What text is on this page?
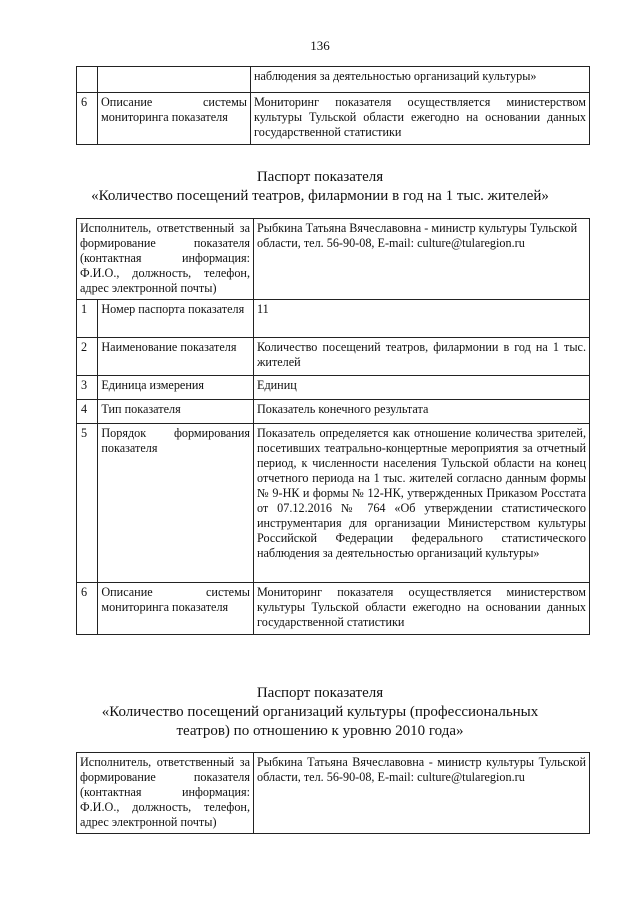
136
		наблюдения за деятельностью организаций культуры»
6	Описание системы мониторинга показателя	Мониторинг показателя осуществляется министерством культуры Тульской области ежегодно на основании данных государственной статистики
Паспорт показателя
«Количество посещений театров, филармонии в год на 1 тыс. жителей»
Исполнитель, ответственный за формирование показателя (контактная информация: Ф.И.О., должность, телефон, адрес электронной почты)		Рыбкина Татьяна Вячеславовна - министр культуры Тульской области, тел. 56-90-08, E-mail: culture@tularegion.ru
1	Номер паспорта показателя	11
2	Наименование показателя	Количество посещений театров, филармонии в год на 1 тыс. жителей
3	Единица измерения	Единиц
4	Тип показателя	Показатель конечного результата
5	Порядок формирования показателя	Показатель определяется как отношение количества зрителей, посетивших театрально-концертные мероприятия за отчетный период, к численности населения Тульской области на конец отчетного периода на 1 тыс. жителей согласно данным формы № 9-НК и формы № 12-НК, утвержденных Приказом Росстата от 07.12.2016 № 764 «Об утверждении статистического инструментария для организации Министерством культуры Российской Федерации федерального статистического наблюдения за деятельностью организаций культуры»
6	Описание системы мониторинга показателя	Мониторинг показателя осуществляется министерством культуры Тульской области ежегодно на основании данных государственной статистики
Паспорт показателя
«Количество посещений организаций культуры (профессиональных
театров) по отношению к уровню 2010 года»
Исполнитель, ответственный за формирование показателя (контактная информация: Ф.И.О., должность, телефон, адрес электронной почты)	Рыбкина Татьяна Вячеславовна - министр культуры Тульской области, тел. 56-90-08, E-mail: culture@tularegion.ru
